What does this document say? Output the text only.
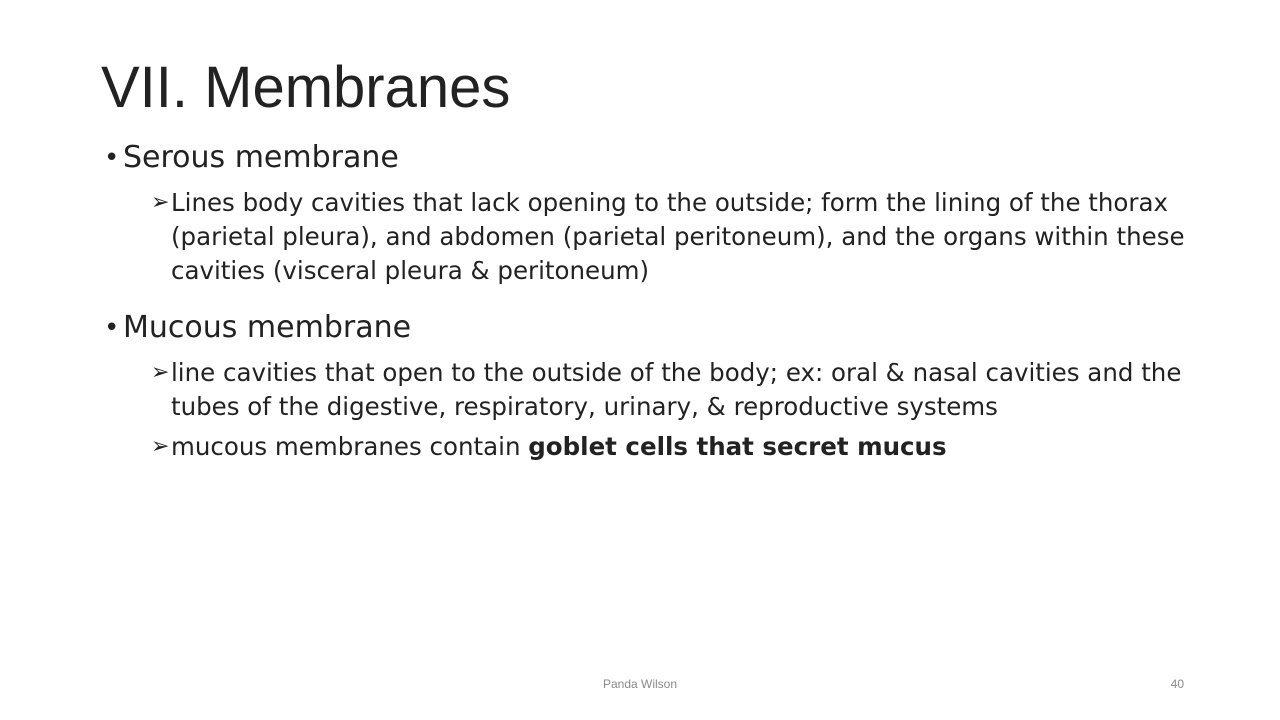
VII. Membranes
• Serous membrane
➢ Lines body cavities that lack opening to the outside; form the lining of the thorax (parietal pleura), and abdomen (parietal peritoneum), and the organs within these cavities (visceral pleura & peritoneum)
• Mucous membrane
➢ line cavities that open to the outside of the body; ex: oral & nasal cavities and the tubes of the digestive, respiratory, urinary, & reproductive systems
➢ mucous membranes contain goblet cells that secret mucus
Panda Wilson	40
